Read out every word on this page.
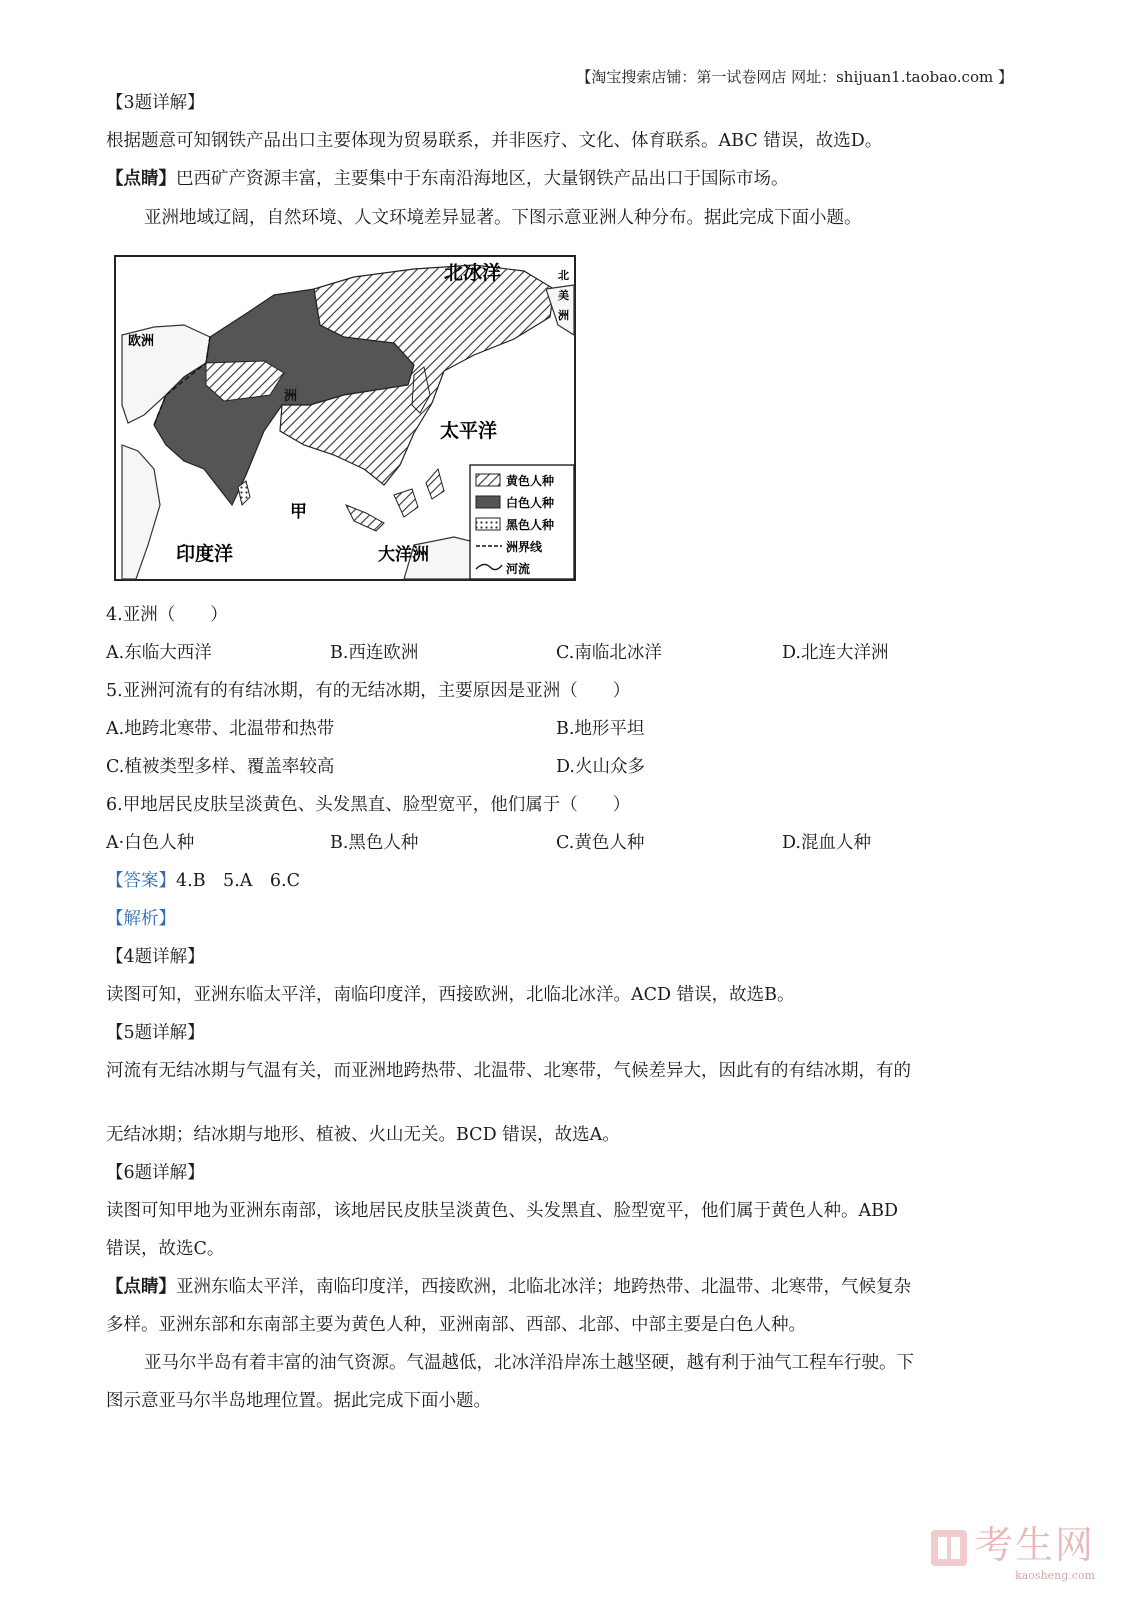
【淘宝搜索店铺：第一试卷网店 网址：shijuan1.taobao.com 】
【3题详解】
根据题意可知钢铁产品出口主要体现为贸易联系，并非医疗、文化、体育联系。ABC 错误，故选D。
【点睛】巴西矿产资源丰富，主要集中于东南沿海地区，大量钢铁产品出口于国际市场。
亚洲地域辽阔，自然环境、人文环境差异显著。下图示意亚洲人种分布。据此完成下面小题。
北冰洋
欧洲
太平洋
印度洋
北
美
洲
洲
甲
大洋洲
黄色人种
白色人种
黑色人种
洲界线
河流
4.亚洲（　　）
A.东临大西洋	B.西连欧洲	C.南临北冰洋	D.北连大洋洲
5.亚洲河流有的有结冰期，有的无结冰期，主要原因是亚洲（　　）
A.地跨北寒带、北温带和热带	B.地形平坦
C.植被类型多样、覆盖率较高	D.火山众多
6.甲地居民皮肤呈淡黄色、头发黑直、脸型宽平，他们属于（　　）
A·白色人种	B.黑色人种	C.黄色人种	D.混血人种
【答案】4.B　5.A　6.C
【解析】
【4题详解】
读图可知，亚洲东临太平洋，南临印度洋，西接欧洲，北临北冰洋。ACD 错误，故选B。
【5题详解】
河流有无结冰期与气温有关，而亚洲地跨热带、北温带、北寒带，气候差异大，因此有的有结冰期，有的
无结冰期；结冰期与地形、植被、火山无关。BCD 错误，故选A。
【6题详解】
读图可知甲地为亚洲东南部，该地居民皮肤呈淡黄色、头发黑直、脸型宽平，他们属于黄色人种。ABD
错误，故选C。
【点睛】亚洲东临太平洋，南临印度洋，西接欧洲，北临北冰洋；地跨热带、北温带、北寒带，气候复杂
多样。亚洲东部和东南部主要为黄色人种，亚洲南部、西部、北部、中部主要是白色人种。
亚马尔半岛有着丰富的油气资源。气温越低，北冰洋沿岸冻土越坚硬，越有利于油气工程车行驶。下
图示意亚马尔半岛地理位置。据此完成下面小题。
考生网
kaosheng.com
